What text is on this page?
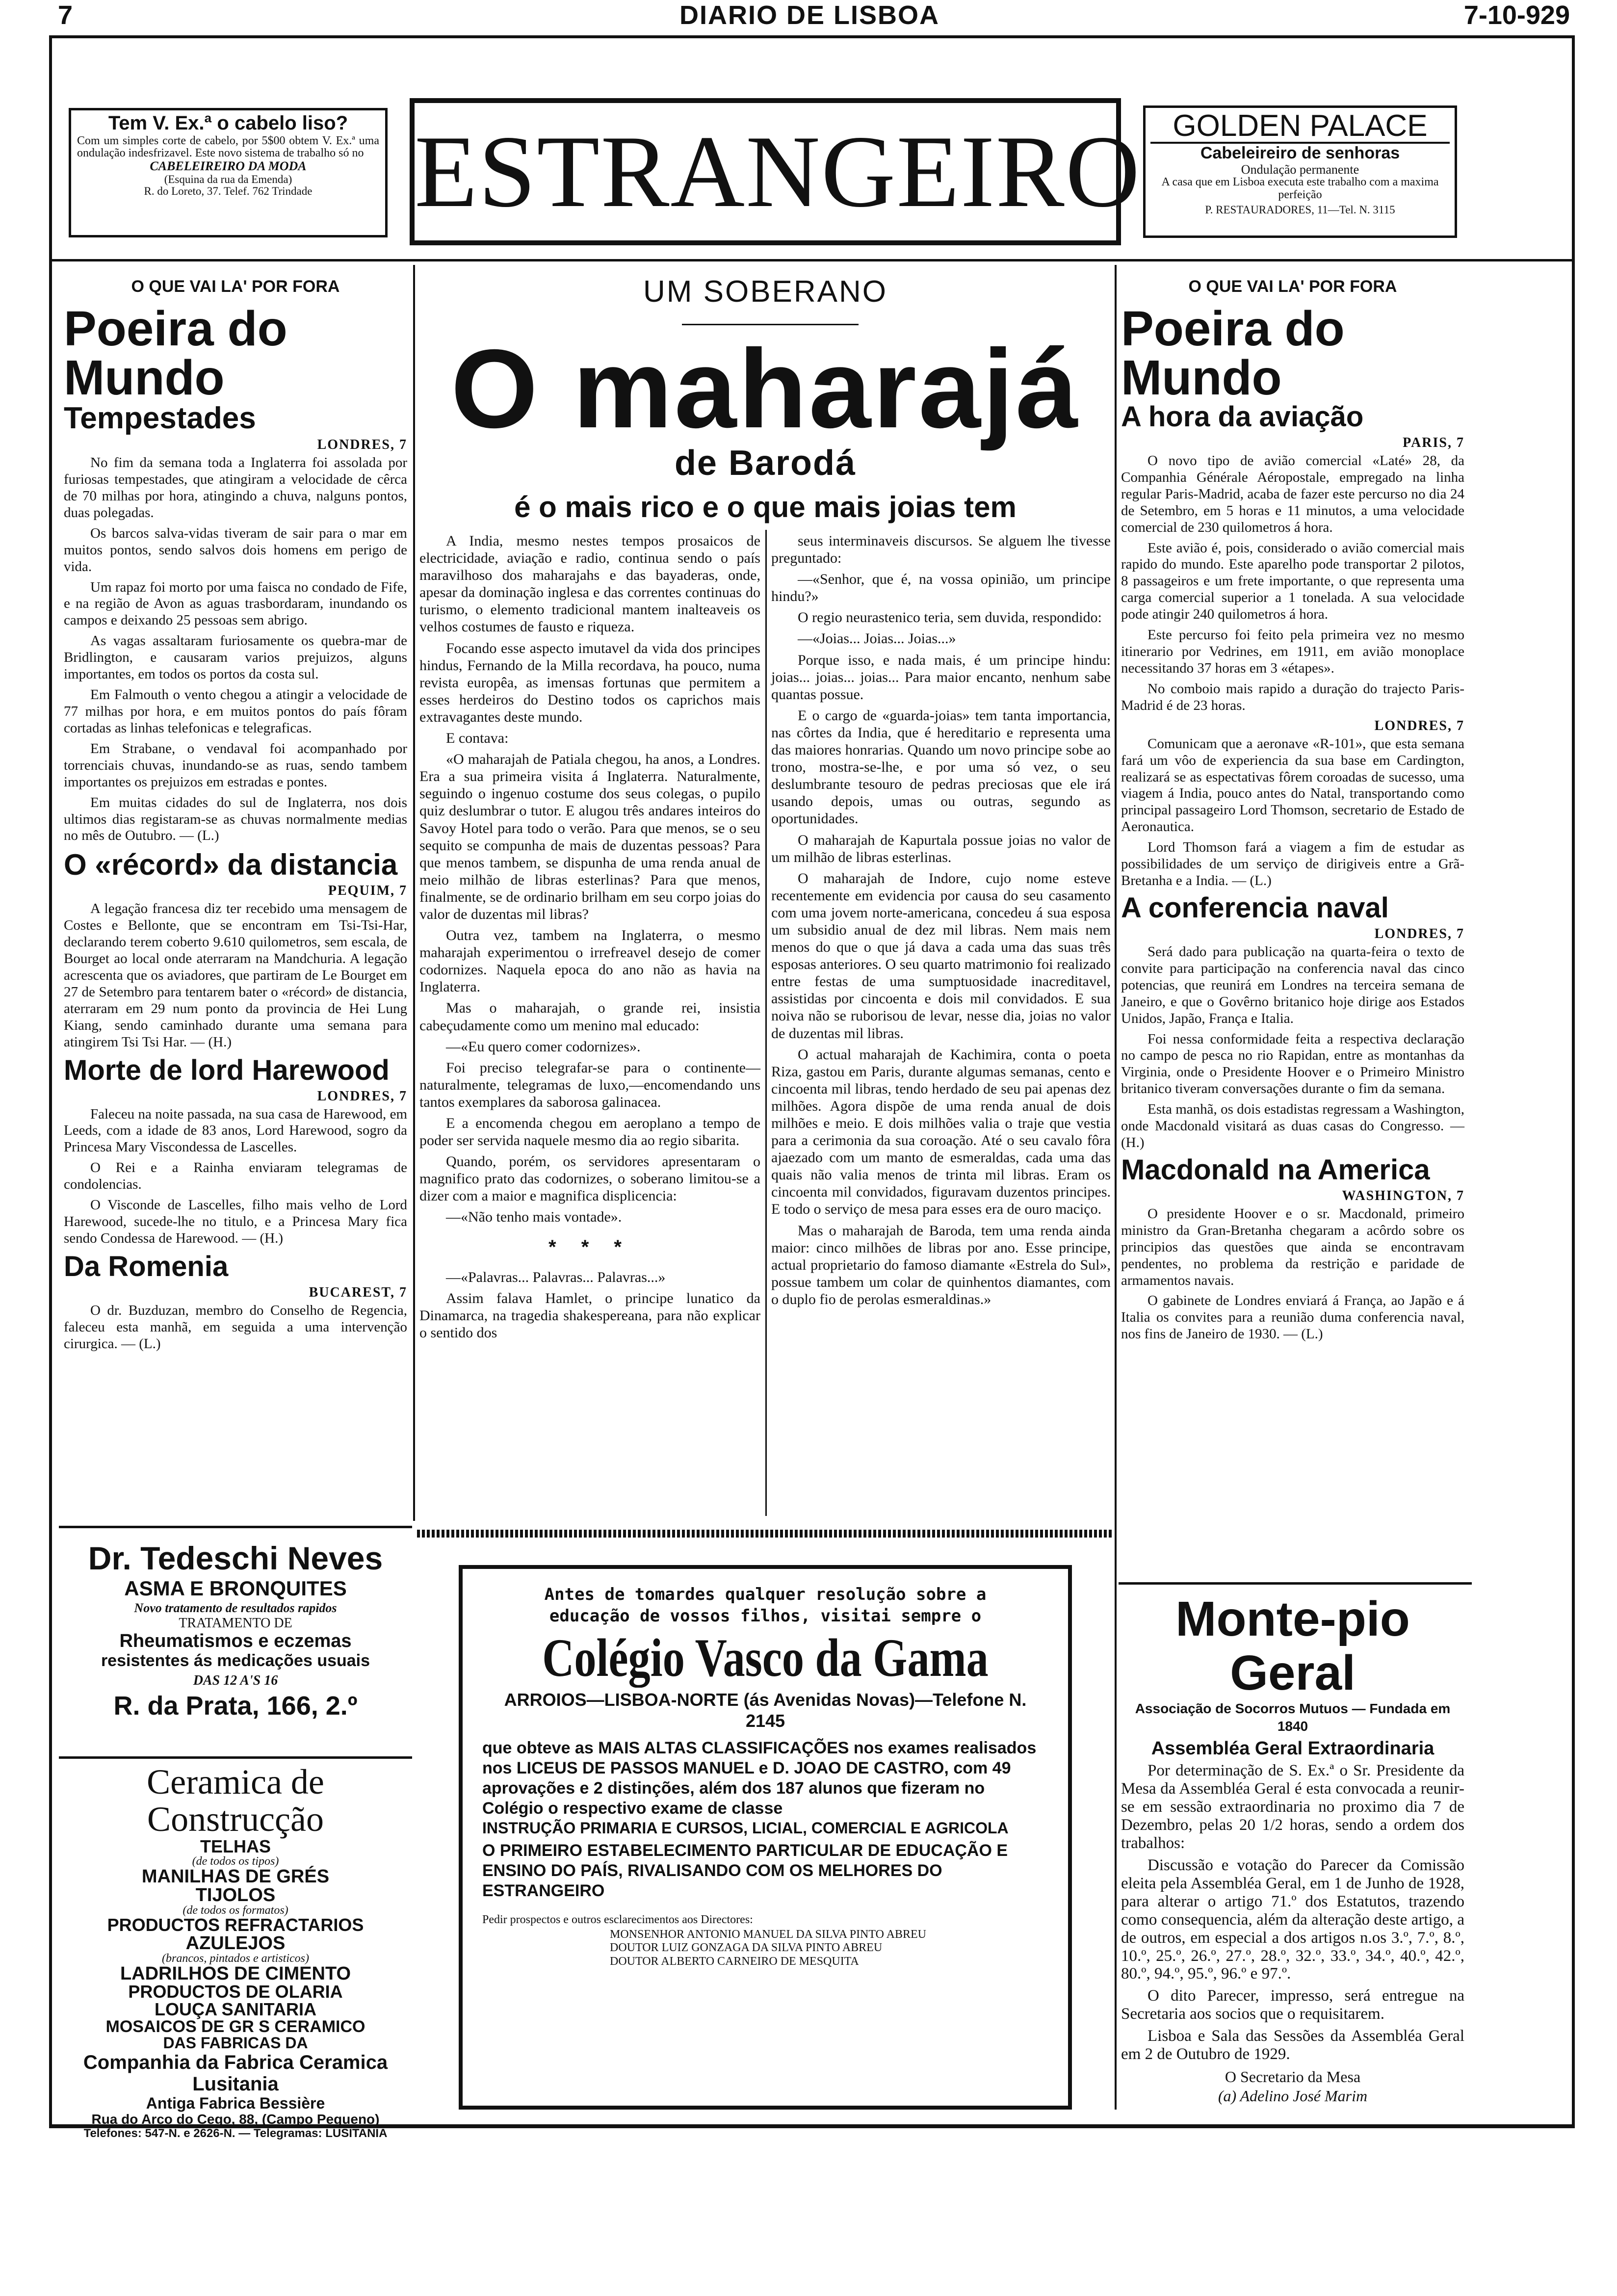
7	DIARIO DE LISBOA	7-10-929
Tem V. Ex.ª o cabelo liso?
Com um simples corte de cabelo, por 5$00 obtem V. Ex.ª uma ondulação indesfrizavel. Este novo sistema de trabalho só no
CABELEIREIRO DA MODA
(Esquina da rua da Emenda)
R. do Loreto, 37. Telef. 762 Trindade ESTRANGEIRO	GOLDEN PALACE
Cabeleireiro de senhoras
Ondulação permanente
A casa que em Lisboa executa este trabalho com a maxima perfeição
P. RESTAURADORES, 11—Tel. N. 3115
O QUE VAI LA' POR FORA
Poeira do Mundo
Tempestades
LONDRES, 7

No fim da semana toda a Inglaterra foi assolada por furiosas tempestades, que atingiram a velocidade de cêrca de 70 milhas por hora, atingindo a chuva, nalguns pontos, duas polegadas.

Os barcos salva-vidas tiveram de sair para o mar em muitos pontos, sendo salvos dois homens em perigo de vida.

Um rapaz foi morto por uma faisca no condado de Fife, e na região de Avon as aguas trasbordaram, inundando os campos e deixando 25 pessoas sem abrigo.

As vagas assaltaram furiosamente os quebra-mar de Bridlington, e causaram varios prejuizos, alguns importantes, em todos os portos da costa sul.

Em Falmouth o vento chegou a atingir a velocidade de 77 milhas por hora, e em muitos pontos do país fôram cortadas as linhas telefonicas e telegraficas.

Em Strabane, o vendaval foi acompanhado por torrenciais chuvas, inundando-se as ruas, sendo tambem importantes os prejuizos em estradas e pontes.

Em muitas cidades do sul de Inglaterra, nos dois ultimos dias registaram-se as chuvas normalmente medias no mês de Outubro. — (L.)

O «récord» da distancia
PEQUIM, 7

A legação francesa diz ter recebido uma mensagem de Costes e Bellonte, que se encontram em Tsi-Tsi-Har, declarando terem coberto 9.610 quilometros, sem escala, de Bourget ao local onde aterraram na Mandchuria. A legação acrescenta que os aviadores, que partiram de Le Bourget em 27 de Setembro para tentarem bater o «récord» de distancia, aterraram em 29 num ponto da provincia de Hei Lung Kiang, sendo caminhado durante uma semana para atingirem Tsi Tsi Har. — (H.)

Morte de lord Harewood
LONDRES, 7

Faleceu na noite passada, na sua casa de Harewood, em Leeds, com a idade de 83 anos, Lord Harewood, sogro da Princesa Mary Viscondessa de Lascelles.

O Rei e a Rainha enviaram telegramas de condolencias.

O Visconde de Lascelles, filho mais velho de Lord Harewood, sucede-lhe no titulo, e a Princesa Mary fica sendo Condessa de Harewood. — (H.)

Da Romenia
BUCAREST, 7

O dr. Buzduzan, membro do Conselho de Regencia, faleceu esta manhã, em seguida a uma intervenção cirurgica. — (L.)

Dr. Tedeschi Neves
ASMA E BRONQUITES
Novo tratamento de resultados rapidos
TRATAMENTO DE
Rheumatismos e eczemas
resistentes ás medicações usuais
DAS 12 A'S 16
R. da Prata, 166, 2.º
Ceramica de Construcção
TELHAS
(de todos os tipos)
MANILHAS DE GRÉS
TIJOLOS
(de todos os formatos)
PRODUCTOS REFRACTARIOS
AZULEJOS
(brancos, pintados e artisticos)
LADRILHOS DE CIMENTO
PRODUCTOS DE OLARIA
LOUÇA SANITARIA
MOSAICOS DE GR S CERAMICO
DAS FABRICAS DA
Companhia da Fabrica Ceramica Lusitania
Antiga Fabrica Bessière
Rua do Arco do Cego, 88, (Campo Pequeno)
Telefones: 547-N. e 2626-N. — Telegramas: LUSITANIA
UM SOBERANO
O maharajá
de Barodá
é o mais rico e o que mais joias tem

A India, mesmo nestes tempos prosaicos de electricidade, aviação e radio, continua sendo o país maravilhoso dos maharajahs e das bayaderas, onde, apesar da dominação inglesa e das correntes continuas do turismo, o elemento tradicional mantem inalteaveis os velhos costumes de fausto e riqueza.

Focando esse aspecto imutavel da vida dos principes hindus, Fernando de la Milla recordava, ha pouco, numa revista europêa, as imensas fortunas que permitem a esses herdeiros do Destino todos os caprichos mais extravagantes deste mundo.

E contava:

«O maharajah de Patiala chegou, ha anos, a Londres. Era a sua primeira visita á Inglaterra. Naturalmente, seguindo o ingenuo costume dos seus colegas, o pupilo quiz deslumbrar o tutor. E alugou três andares inteiros do Savoy Hotel para todo o verão. Para que menos, se o seu sequito se compunha de mais de duzentas pessoas? Para que menos tambem, se dispunha de uma renda anual de meio milhão de libras esterlinas? Para que menos, finalmente, se de ordinario brilham em seu corpo joias do valor de duzentas mil libras?

Outra vez, tambem na Inglaterra, o mesmo maharajah experimentou o irrefreavel desejo de comer codornizes. Naquela epoca do ano não as havia na Inglaterra.

Mas o maharajah, o grande rei, insistia cabeçudamente como um menino mal educado:

—«Eu quero comer codornizes».

Foi preciso telegrafar-se para o continente—naturalmente, telegramas de luxo,—encomendando uns tantos exemplares da saborosa galinacea.

E a encomenda chegou em aeroplano a tempo de poder ser servida naquele mesmo dia ao regio sibarita.

Quando, porém, os servidores apresentaram o magnifico prato das codornizes, o soberano limitou-se a dizer com a maior e magnifica displicencia:

—«Não tenho mais vontade».

* * *

—«Palavras... Palavras... Palavras...»

Assim falava Hamlet, o principe lunatico da Dinamarca, na tragedia shakespereana, para não explicar o sentido dos

seus interminaveis discursos. Se alguem lhe tivesse preguntado:

—«Senhor, que é, na vossa opinião, um principe hindu?»

O regio neurastenico teria, sem duvida, respondido:

—«Joias... Joias... Joias...»

Porque isso, e nada mais, é um principe hindu: joias... joias... joias... Para maior encanto, nenhum sabe quantas possue.

E o cargo de «guarda-joias» tem tanta importancia, nas côrtes da India, que é hereditario e representa uma das maiores honrarias. Quando um novo principe sobe ao trono, mostra-se-lhe, e por uma só vez, o seu deslumbrante tesouro de pedras preciosas que ele irá usando depois, umas ou outras, segundo as oportunidades.

O maharajah de Kapurtala possue joias no valor de um milhão de libras esterlinas.

O maharajah de Indore, cujo nome esteve recentemente em evidencia por causa do seu casamento com uma jovem norte-americana, concedeu á sua esposa um subsidio anual de dez mil libras. Nem mais nem menos do que o que já dava a cada uma das suas três esposas anteriores. O seu quarto matrimonio foi realizado entre festas de uma sumptuosidade inacreditavel, assistidas por cincoenta e dois mil convidados. E sua noiva não se ruborisou de levar, nesse dia, joias no valor de duzentas mil libras.

O actual maharajah de Kachimira, conta o poeta Riza, gastou em Paris, durante algumas semanas, cento e cincoenta mil libras, tendo herdado de seu pai apenas dez milhões. Agora dispõe de uma renda anual de dois milhões e meio. E dois milhões valia o traje que vestia para a cerimonia da sua coroação. Até o seu cavalo fôra ajaezado com um manto de esmeraldas, cada uma das quais não valia menos de trinta mil libras. Eram os cincoenta mil convidados, figuravam duzentos principes. E todo o serviço de mesa para esses era de ouro maciço.

Mas o maharajah de Baroda, tem uma renda ainda maior: cinco milhões de libras por ano. Esse principe, actual proprietario do famoso diamante «Estrela do Sul», possue tambem um colar de quinhentos diamantes, com o duplo fio de perolas esmeraldinas.»

Antes de tomardes qualquer resolução sobre a educação de vossos filhos, visitai sempre o
Colégio Vasco da Gama
ARROIOS—LISBOA-NORTE (ás Avenidas Novas)—Telefone N. 2145
que obteve as MAIS ALTAS CLASSIFICAÇÕES nos exames realisados nos LICEUS DE PASSOS MANUEL e D. JOAO DE CASTRO, com 49 aprovações e 2 distinções, além dos 187 alunos que fizeram no Colégio o respectivo exame de classe
INSTRUÇÃO PRIMARIA E CURSOS, LICIAL, COMERCIAL E AGRICOLA
O PRIMEIRO ESTABELECIMENTO PARTICULAR DE EDUCAÇÃO E ENSINO DO PAÍS, RIVALISANDO COM OS MELHORES DO ESTRANGEIRO
Pedir prospectos e outros esclarecimentos aos Directores:
MONSENHOR ANTONIO MANUEL DA SILVA PINTO ABREU
DOUTOR LUIZ GONZAGA DA SILVA PINTO ABREU
DOUTOR ALBERTO CARNEIRO DE MESQUITA
O QUE VAI LA' POR FORA
Poeira do Mundo
A hora da aviação
PARIS, 7

O novo tipo de avião comercial «Laté» 28, da Companhia Générale Aéropostale, empregado na linha regular Paris-Madrid, acaba de fazer este percurso no dia 24 de Setembro, em 5 horas e 11 minutos, a uma velocidade comercial de 230 quilometros á hora.

Este avião é, pois, considerado o avião comercial mais rapido do mundo. Este aparelho pode transportar 2 pilotos, 8 passageiros e um frete importante, o que representa uma carga comercial superior a 1 tonelada. A sua velocidade pode atingir 240 quilometros á hora.

Este percurso foi feito pela primeira vez no mesmo itinerario por Vedrines, em 1911, em avião monoplace necessitando 37 horas em 3 «étapes».

No comboio mais rapido a duração do trajecto Paris-Madrid é de 23 horas.

LONDRES, 7

Comunicam que a aeronave «R-101», que esta semana fará um vôo de experiencia da sua base em Cardington, realizará se as espectativas fôrem coroadas de sucesso, uma viagem á India, pouco antes do Natal, transportando como principal passageiro Lord Thomson, secretario de Estado de Aeronautica.

Lord Thomson fará a viagem a fim de estudar as possibilidades de um serviço de dirigiveis entre a Grã-Bretanha e a India. — (L.)

A conferencia naval
LONDRES, 7

Será dado para publicação na quarta-feira o texto de convite para participação na conferencia naval das cinco potencias, que reunirá em Londres na terceira semana de Janeiro, e que o Govêrno britanico hoje dirige aos Estados Unidos, Japão, França e Italia.

Foi nessa conformidade feita a respectiva declaração no campo de pesca no rio Rapidan, entre as montanhas da Virginia, onde o Presidente Hoover e o Primeiro Ministro britanico tiveram conversações durante o fim da semana.

Esta manhã, os dois estadistas regressam a Washington, onde Macdonald visitará as duas casas do Congresso. — (H.)

Macdonald na America
WASHINGTON, 7

O presidente Hoover e o sr. Macdonald, primeiro ministro da Gran-Bretanha chegaram a acôrdo sobre os principios das questões que ainda se encontravam pendentes, no problema da restrição e paridade de armamentos navais.

O gabinete de Londres enviará á França, ao Japão e á Italia os convites para a reunião duma conferencia naval, nos fins de Janeiro de 1930. — (L.)

Monte-pio Geral
Associação de Socorros Mutuos — Fundada em 1840
Assembléa Geral Extraordinaria

Por determinação de S. Ex.ª o Sr. Presidente da Mesa da Assembléa Geral é esta convocada a reunir-se em sessão extraordinaria no proximo dia 7 de Dezembro, pelas 20 1/2 horas, sendo a ordem dos trabalhos:

Discussão e votação do Parecer da Comissão eleita pela Assembléa Geral, em 1 de Junho de 1928, para alterar o artigo 71.º dos Estatutos, trazendo como consequencia, além da alteração deste artigo, a de outros, em especial a dos artigos n.os 3.º, 7.º, 8.º, 10.º, 25.º, 26.º, 27.º, 28.º, 32.º, 33.º, 34.º, 40.º, 42.º, 80.º, 94.º, 95.º, 96.º e 97.º.

O dito Parecer, impresso, será entregue na Secretaria aos socios que o requisitarem.

Lisboa e Sala das Sessões da Assembléa Geral em 2 de Outubro de 1929.

O Secretario da Mesa
(a) Adelino José Marim
